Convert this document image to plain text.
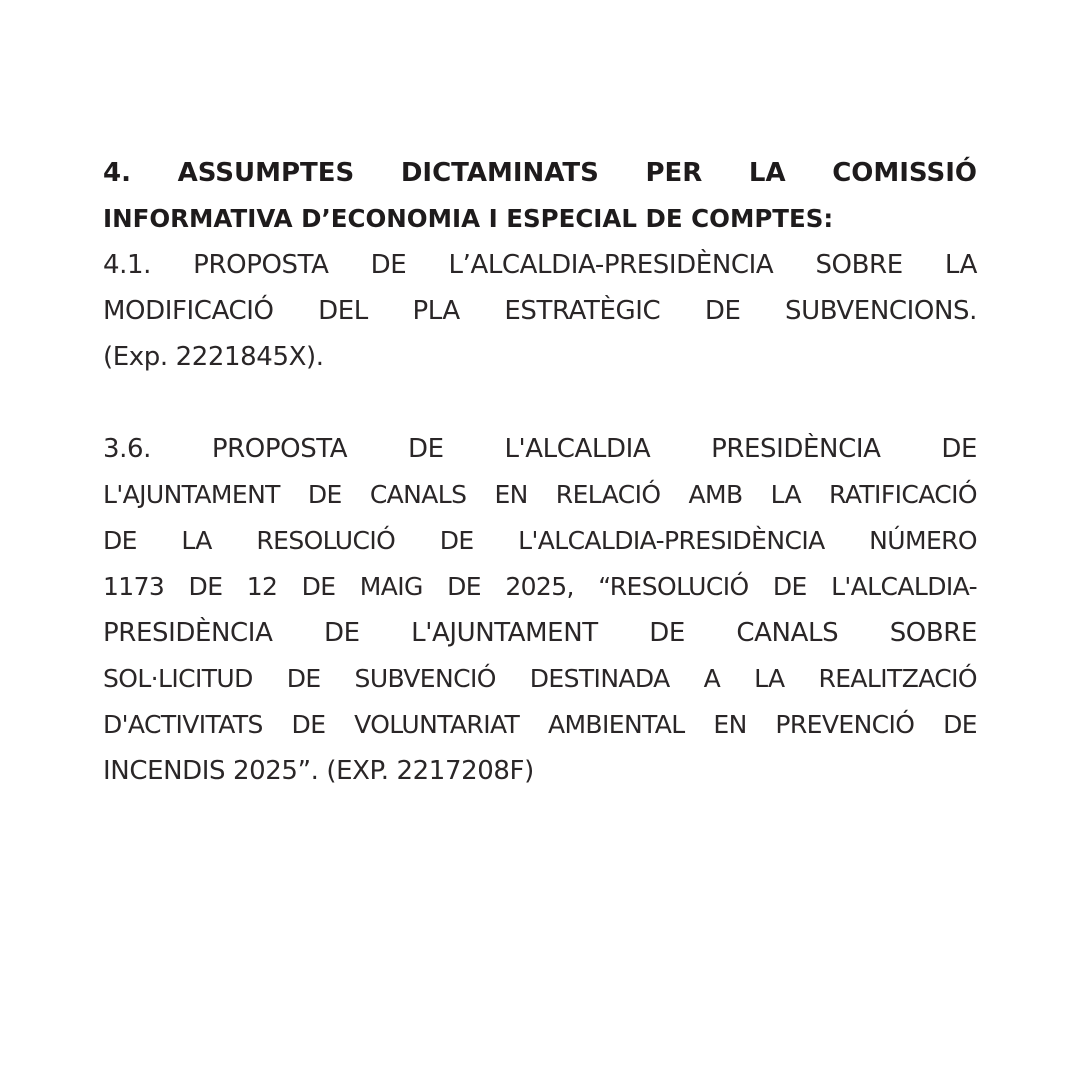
4. ASSUMPTES DICTAMINATS PER LA COMISSIÓ
INFORMATIVA D’ECONOMIA I ESPECIAL DE COMPTES:
4.1. PROPOSTA DE L’ALCALDIA-PRESIDÈNCIA SOBRE LA
MODIFICACIÓ DEL PLA ESTRATÈGIC DE SUBVENCIONS.
(Exp. 2221845X).
3.6. PROPOSTA DE L'ALCALDIA PRESIDÈNCIA DE
L'AJUNTAMENT DE CANALS EN RELACIÓ AMB LA RATIFICACIÓ
DE LA RESOLUCIÓ DE L'ALCALDIA-PRESIDÈNCIA NÚMERO
1173 DE 12 DE MAIG DE 2025, “RESOLUCIÓ DE L'ALCALDIA-
PRESIDÈNCIA DE L'AJUNTAMENT DE CANALS SOBRE
SOL·LICITUD DE SUBVENCIÓ DESTINADA A LA REALITZACIÓ
D'ACTIVITATS DE VOLUNTARIAT AMBIENTAL EN PREVENCIÓ DE
INCENDIS 2025”. (EXP. 2217208F)
